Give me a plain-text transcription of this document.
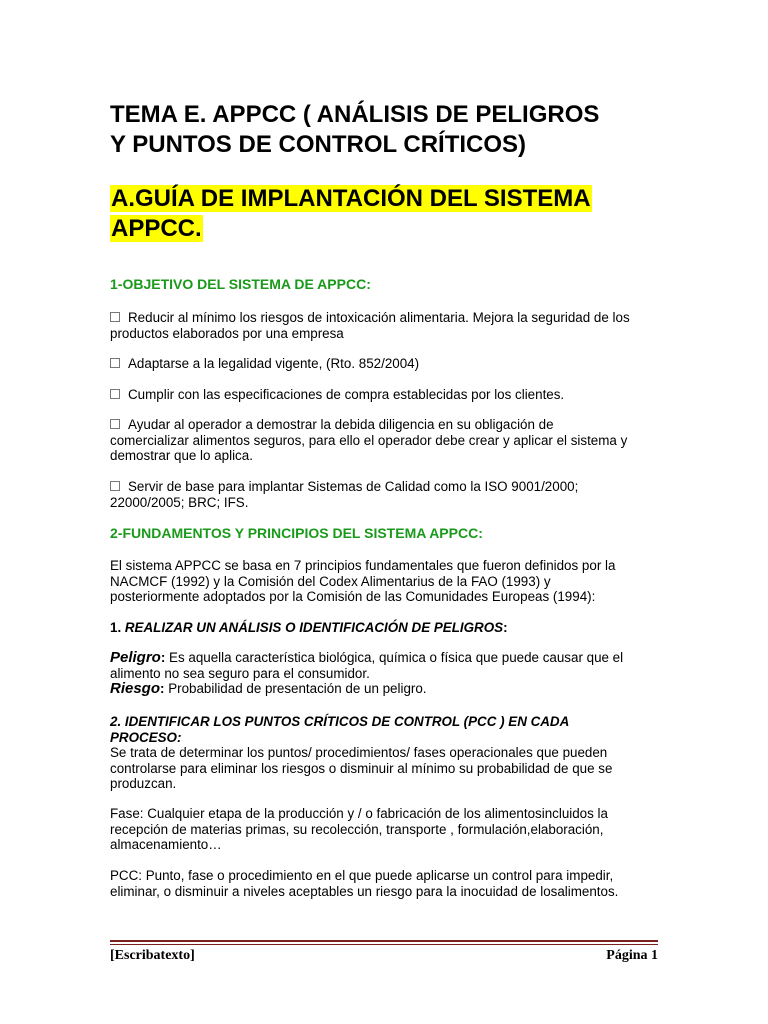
TEMA E. APPCC ( ANÁLISIS DE PELIGROS
Y PUNTOS DE CONTROL CRÍTICOS)
A.GUÍA DE IMPLANTACIÓN DEL SISTEMA
APPCC.
1-OBJETIVO DEL SISTEMA DE APPCC:

Reducir al mínimo los riesgos de intoxicación alimentaria. Mejora la seguridad de los
productos elaborados por una empresa

Adaptarse a la legalidad vigente, (Rto. 852/2004)

Cumplir con las especificaciones de compra establecidas por los clientes.

Ayudar al operador a demostrar la debida diligencia en su obligación de
comercializar alimentos seguros, para ello el operador debe crear y aplicar el sistema y
demostrar que lo aplica.

Servir de base para implantar Sistemas de Calidad como la ISO 9001/2000;
22000/2005; BRC; IFS.

2-FUNDAMENTOS Y PRINCIPIOS DEL SISTEMA APPCC:

El sistema APPCC se basa en 7 principios fundamentales que fueron definidos por la
NACMCF (1992) y la Comisión del Codex Alimentarius de la FAO (1993) y
posteriormente adoptados por la Comisión de las Comunidades Europeas (1994):

1. REALIZAR UN ANÁLISIS O IDENTIFICACIÓN DE PELIGROS:

Peligro: Es aquella característica biológica, química o física que puede causar que el
alimento no sea seguro para el consumidor.
Riesgo: Probabilidad de presentación de un peligro.

2. IDENTIFICAR LOS PUNTOS CRÍTICOS DE CONTROL (PCC ) EN CADA
PROCESO:
Se trata de determinar los puntos/ procedimientos/ fases operacionales que pueden
controlarse para eliminar los riesgos o disminuir al mínimo su probabilidad de que se
produzcan.

Fase: Cualquier etapa de la producción y / o fabricación de los alimentosincluidos la
recepción de materias primas, su recolección, transporte , formulación,elaboración,
almacenamiento…

PCC: Punto, fase o procedimiento en el que puede aplicarse un control para impedir,
eliminar, o disminuir a niveles aceptables un riesgo para la inocuidad de losalimentos.

[Escribatexto]	Página 1
